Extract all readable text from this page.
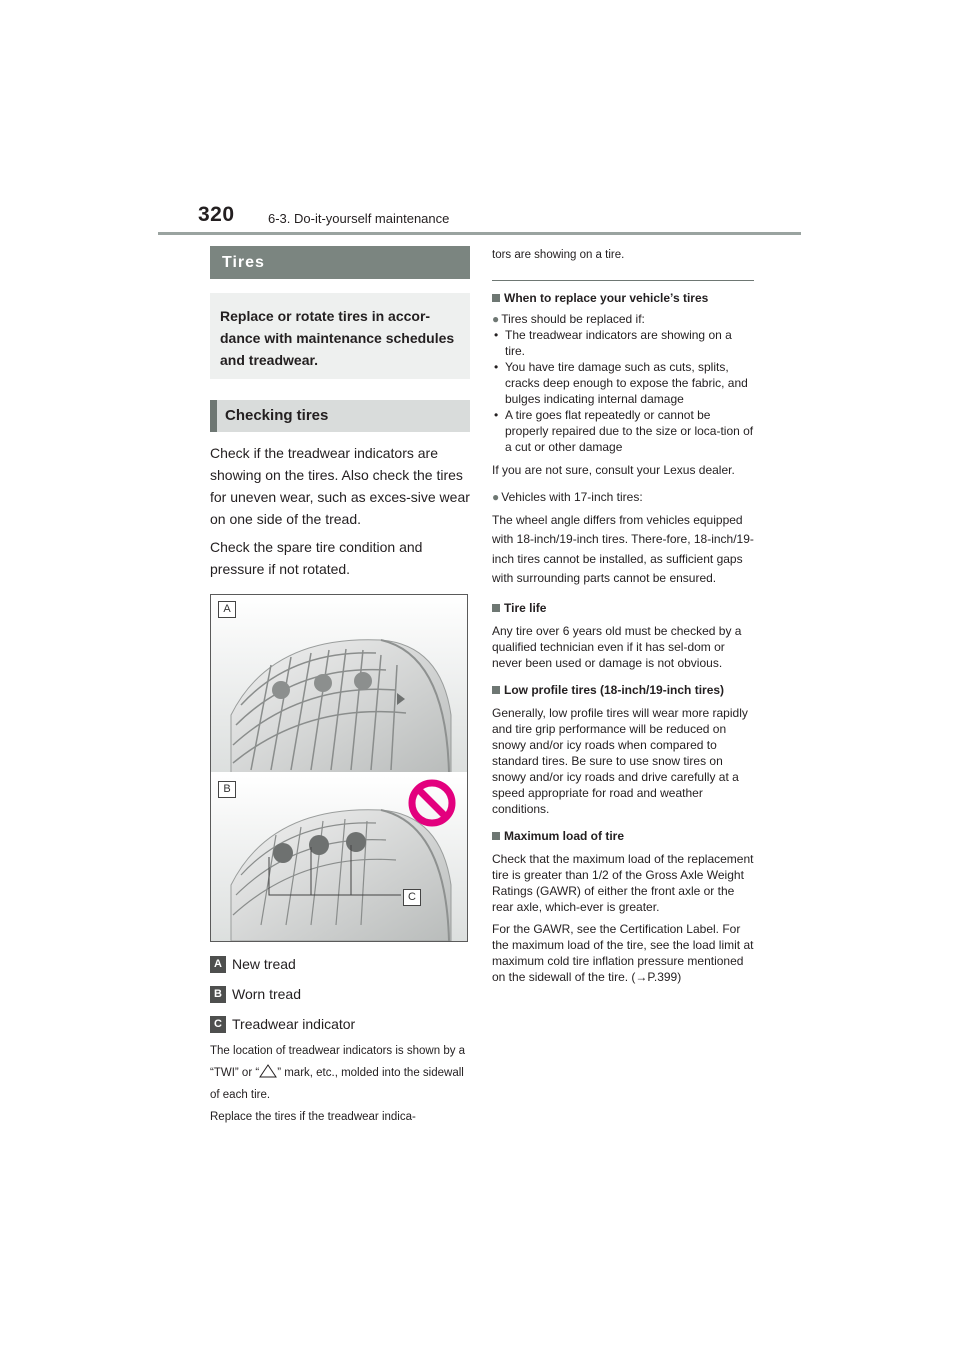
320	6-3. Do-it-yourself maintenance
Tires
Replace or rotate tires in accor-dance with maintenance schedules and treadwear.
Checking tires

Check if the treadwear indicators are showing on the tires. Also check the tires for uneven wear, such as exces-sive wear on one side of the tread.

Check the spare tire condition and pressure if not rotated.

A
B
C
A New tread
B Worn tread
C Treadwear indicator

The location of treadwear indicators is shown by a “TWI” or “ ” mark, etc., molded into the sidewall of each tire.

Replace the tires if the treadwear indica-

tors are showing on a tire.

When to replace your vehicle’s tires
● Tires should be replaced if:
• The treadwear indicators are showing on a tire.
• You have tire damage such as cuts, splits, cracks deep enough to expose the fabric, and bulges indicating internal damage
• A tire goes flat repeatedly or cannot be properly repaired due to the size or loca-tion of a cut or other damage

If you are not sure, consult your Lexus dealer.

● Vehicles with 17-inch tires:

The wheel angle differs from vehicles equipped with 18-inch/19-inch tires. There-fore, 18-inch/19-inch tires cannot be installed, as sufficient gaps with surrounding parts cannot be ensured.

Tire life

Any tire over 6 years old must be checked by a qualified technician even if it has sel-dom or never been used or damage is not obvious.

Low profile tires (18-inch/19-inch tires)

Generally, low profile tires will wear more rapidly and tire grip performance will be reduced on snowy and/or icy roads when compared to standard tires. Be sure to use snow tires on snowy and/or icy roads and drive carefully at a speed appropriate for road and weather conditions.

Maximum load of tire

Check that the maximum load of the replacement tire is greater than 1/2 of the Gross Axle Weight Ratings (GAWR) of either the front axle or the rear axle, which-ever is greater.

For the GAWR, see the Certification Label. For the maximum load of the tire, see the load limit at maximum cold tire inflation pressure mentioned on the sidewall of the tire. (→P.399)
